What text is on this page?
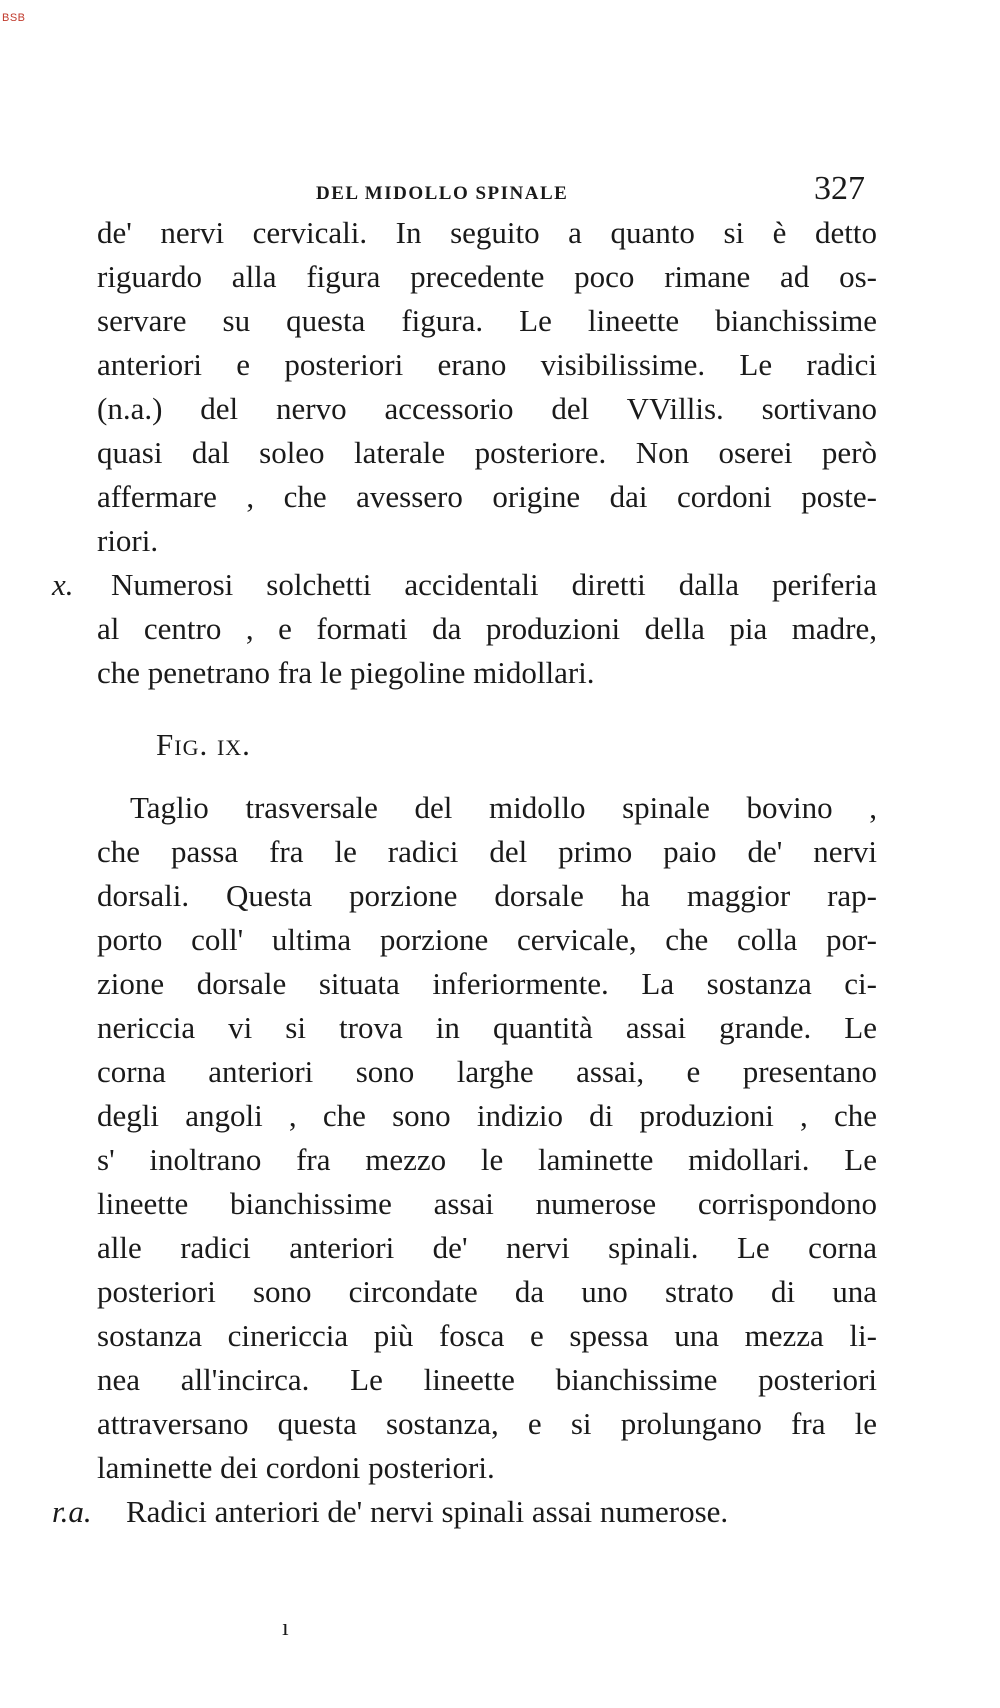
BSB
DEL MIDOLLO SPINALE	327
de' nervi cervicali. In seguito a quanto si è detto
riguardo alla figura precedente poco rimane ad os-
servare su questa figura. Le lineette bianchissime
anteriori e posteriori erano visibilissime. Le radici
(n.a.) del nervo accessorio del VVillis. sortivano
quasi dal soleo laterale posteriore. Non oserei però
affermare , che avessero origine dai cordoni poste-
riori.
x. Numerosi solchetti accidentali diretti dalla periferia
al centro , e formati da produzioni della pia madre,
che penetrano fra le piegoline midollari.
Fig. ix.
Taglio trasversale del midollo spinale bovino ,
che passa fra le radici del primo paio de' nervi
dorsali. Questa porzione dorsale ha maggior rap-
porto coll' ultima porzione cervicale, che colla por-
zione dorsale situata inferiormente. La sostanza ci-
nericcia vi si trova in quantità assai grande. Le
corna anteriori sono larghe assai, e presentano
degli angoli , che sono indizio di produzioni , che
s' inoltrano fra mezzo le laminette midollari. Le
lineette bianchissime assai numerose corrispondono
alle radici anteriori de' nervi spinali. Le corna
posteriori sono circondate da uno strato di una
sostanza cinericcia più fosca e spessa una mezza li-
nea all'incirca. Le lineette bianchissime posteriori
attraversano questa sostanza, e si prolungano fra le
laminette dei cordoni posteriori.
r.a. Radici anteriori de' nervi spinali assai numerose.
ı
